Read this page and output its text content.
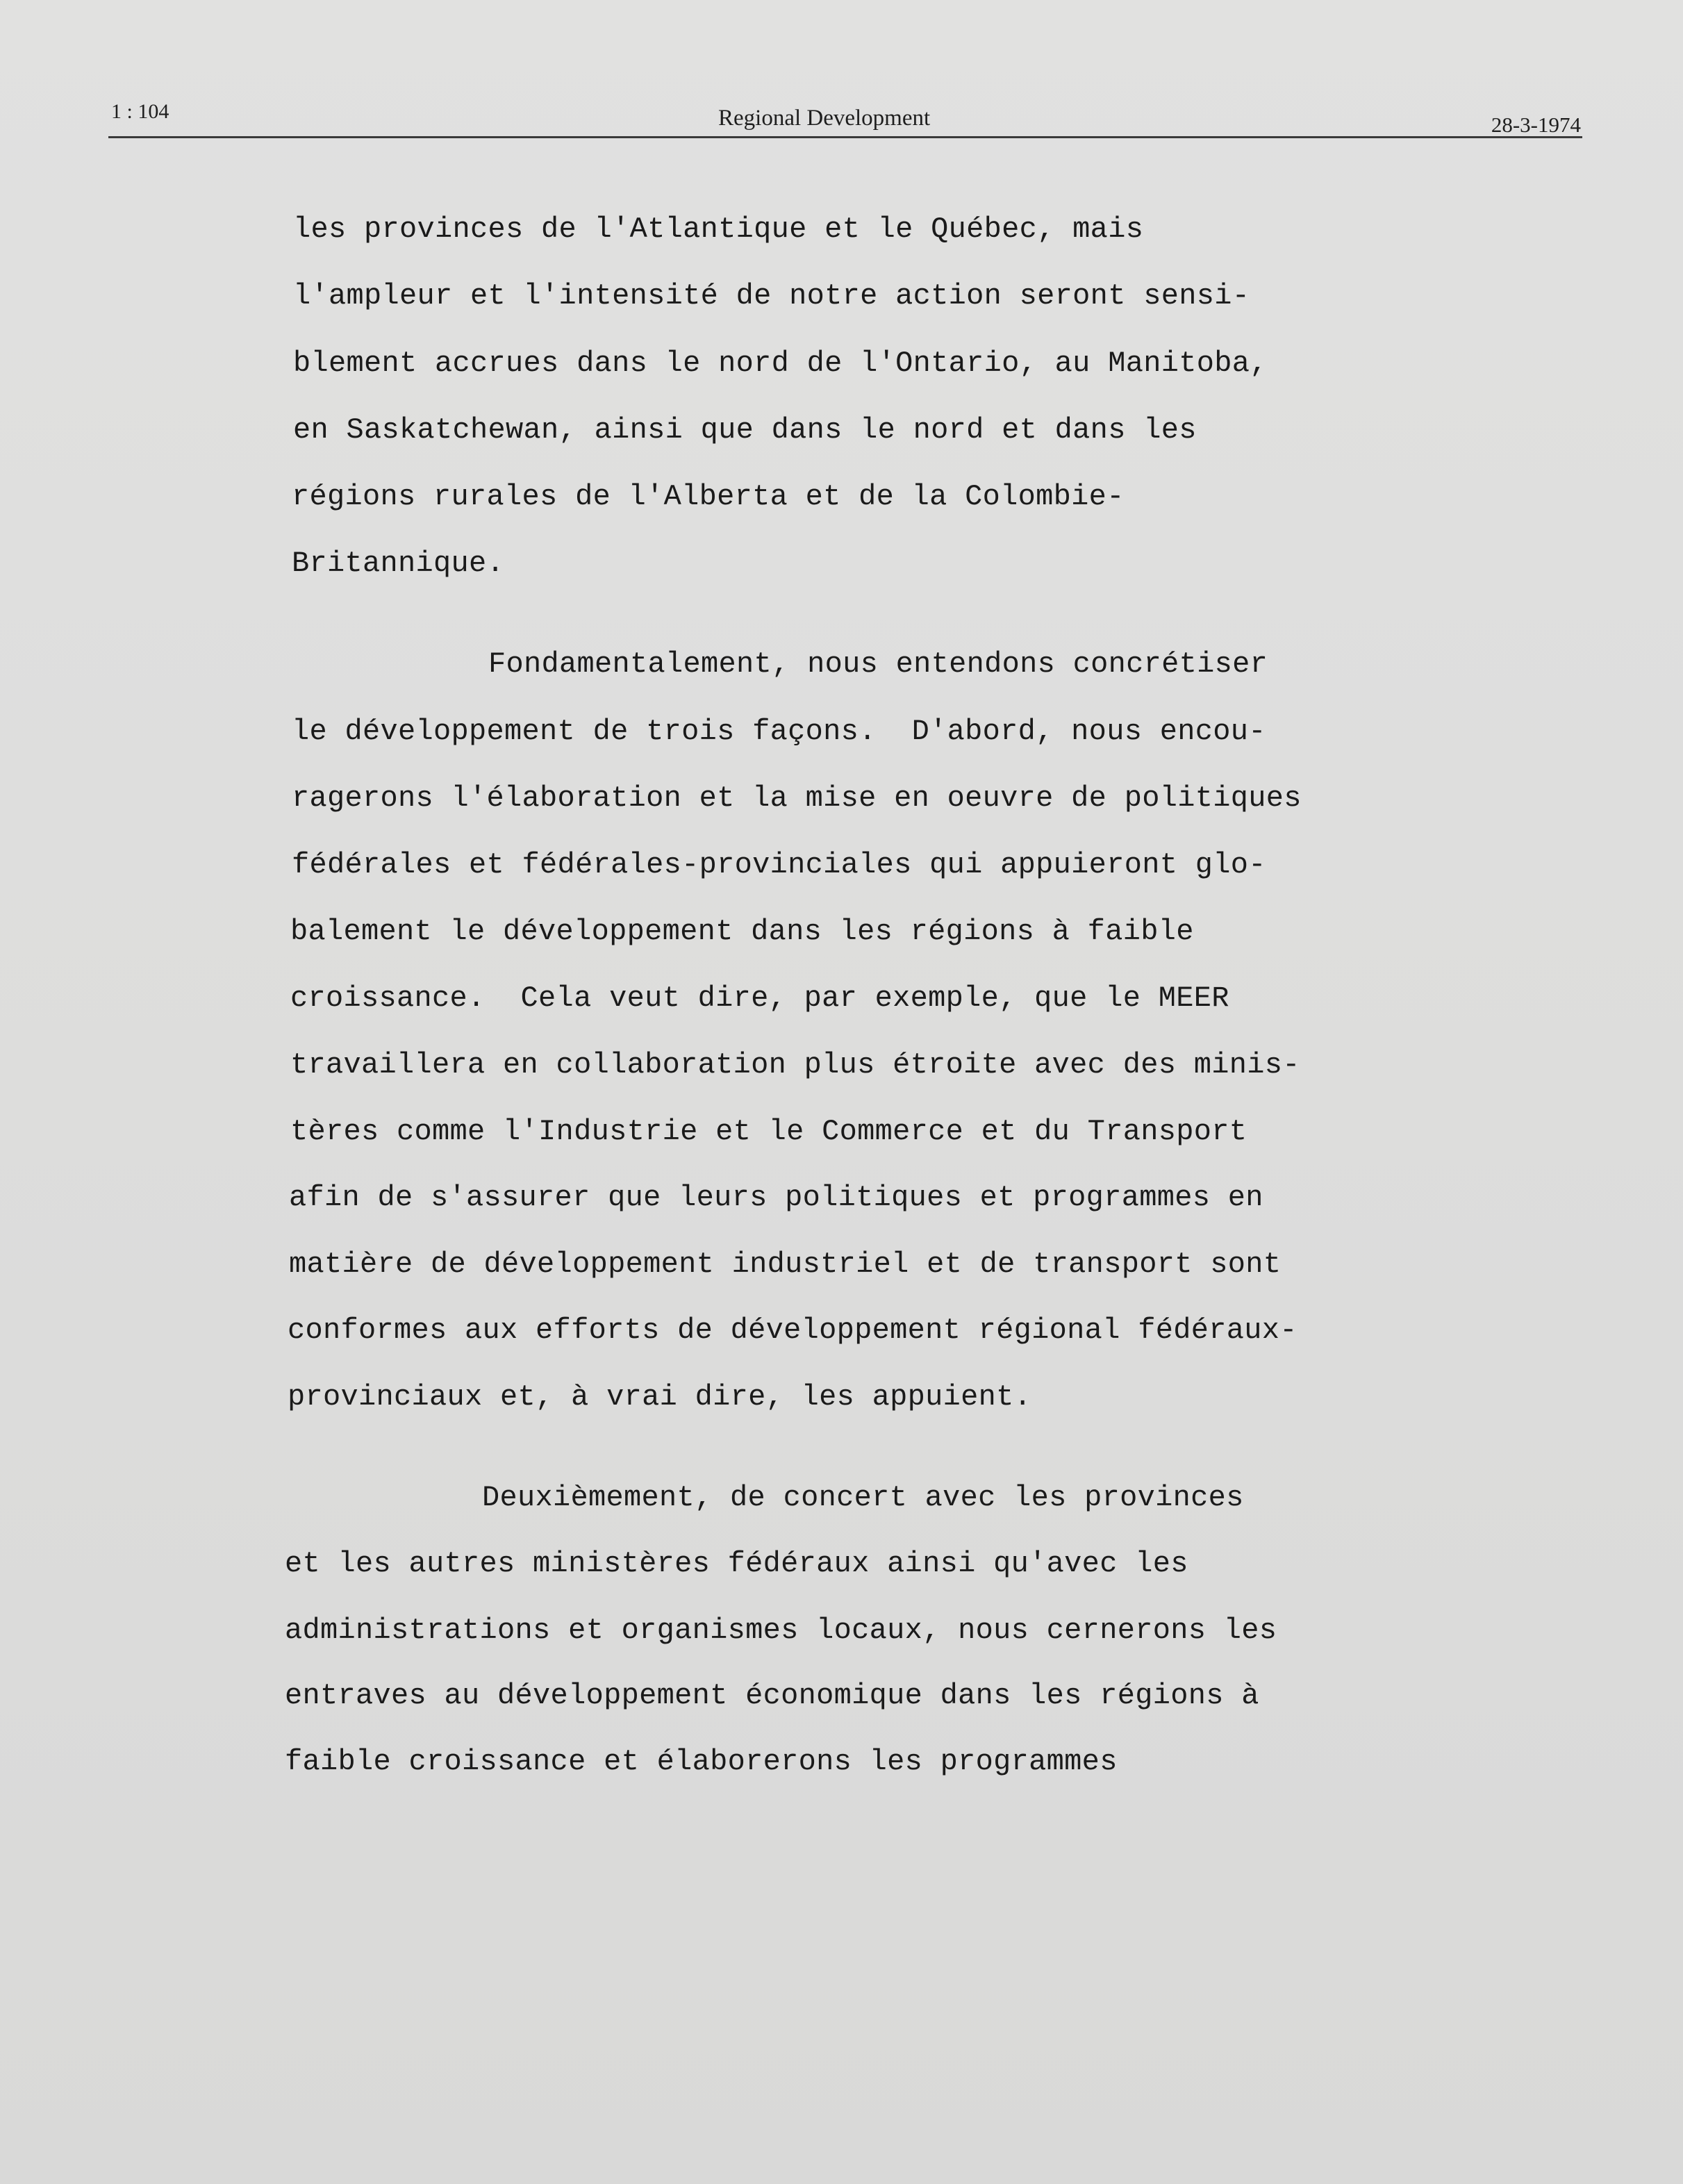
1 : 104	Regional Development	28-3-1974
les provinces de l'Atlantique et le Québec, mais
l'ampleur et l'intensité de notre action seront sensi-
blement accrues dans le nord de l'Ontario, au Manitoba,
en Saskatchewan, ainsi que dans le nord et dans les
régions rurales de l'Alberta et de la Colombie-
Britannique.
Fondamentalement, nous entendons concrétiser
le développement de trois façons.  D'abord, nous encou-
ragerons l'élaboration et la mise en oeuvre de politiques
fédérales et fédérales-provinciales qui appuieront glo-
balement le développement dans les régions à faible
croissance.  Cela veut dire, par exemple, que le MEER
travaillera en collaboration plus étroite avec des minis-
tères comme l'Industrie et le Commerce et du Transport
afin de s'assurer que leurs politiques et programmes en
matière de développement industriel et de transport sont
conformes aux efforts de développement régional fédéraux-
provinciaux et, à vrai dire, les appuient.
Deuxièmement, de concert avec les provinces
et les autres ministères fédéraux ainsi qu'avec les
administrations et organismes locaux, nous cernerons les
entraves au développement économique dans les régions à
faible croissance et élaborerons les programmes
